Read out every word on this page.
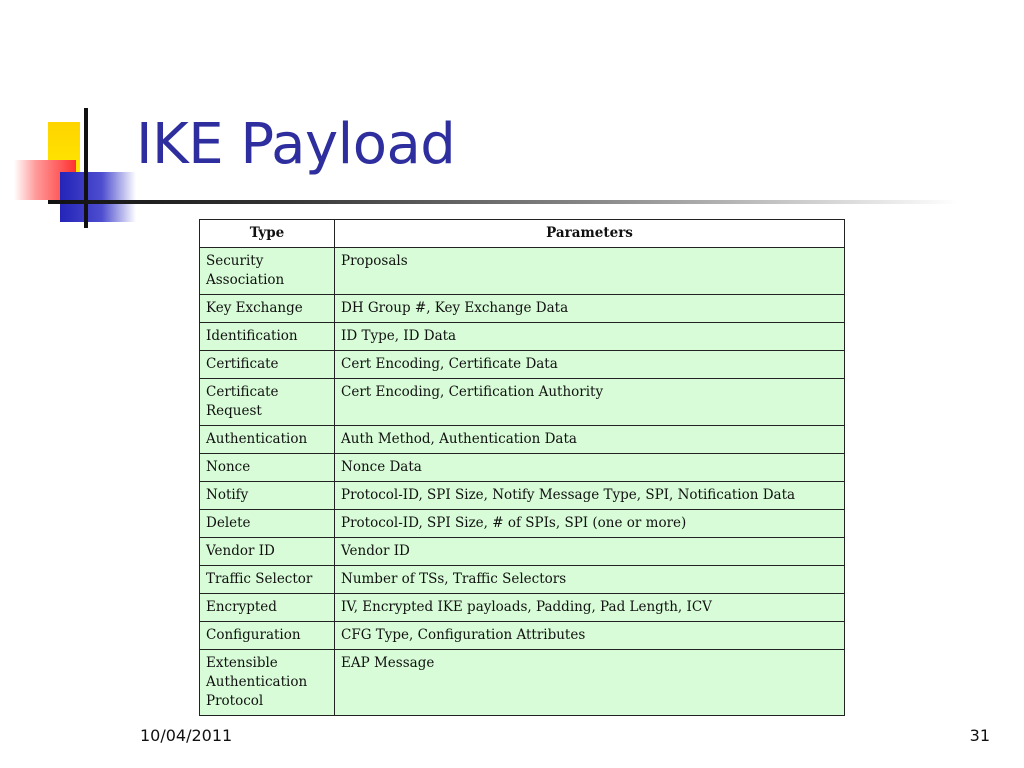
IKE Payload
Type	Parameters
Security Association	Proposals
Key Exchange	DH Group #, Key Exchange Data
Identification	ID Type, ID Data
Certificate	Cert Encoding, Certificate Data
Certificate Request	Cert Encoding, Certification Authority
Authentication	Auth Method, Authentication Data
Nonce	Nonce Data
Notify	Protocol-ID, SPI Size, Notify Message Type, SPI, Notification Data
Delete	Protocol-ID, SPI Size, # of SPIs, SPI (one or more)
Vendor ID	Vendor ID
Traffic Selector	Number of TSs, Traffic Selectors
Encrypted	IV, Encrypted IKE payloads, Padding, Pad Length, ICV
Configuration	CFG Type, Configuration Attributes
Extensible Authentication Protocol	EAP Message
10/04/2011	31
